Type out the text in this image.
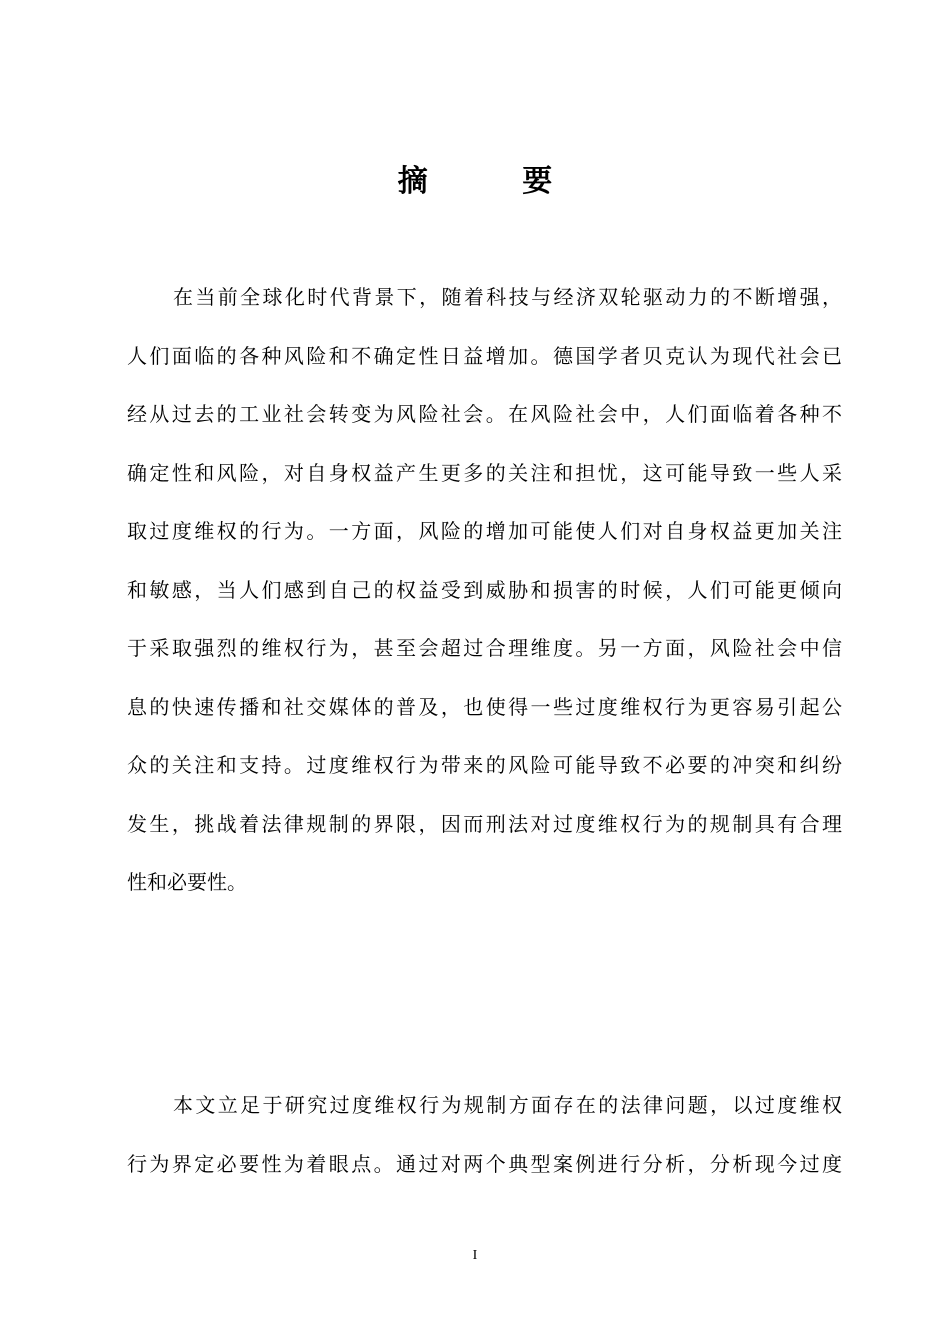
摘 要
在当前全球化时代背景下，随着科技与经济双轮驱动力的不断增强，
人们面临的各种风险和不确定性日益增加。德国学者贝克认为现代社会已
经从过去的工业社会转变为风险社会。在风险社会中，人们面临着各种不
确定性和风险，对自身权益产生更多的关注和担忧，这可能导致一些人采
取过度维权的行为。一方面，风险的增加可能使人们对自身权益更加关注
和敏感，当人们感到自己的权益受到威胁和损害的时候，人们可能更倾向
于采取强烈的维权行为，甚至会超过合理维度。另一方面，风险社会中信
息的快速传播和社交媒体的普及，也使得一些过度维权行为更容易引起公
众的关注和支持。过度维权行为带来的风险可能导致不必要的冲突和纠纷
发生，挑战着法律规制的界限，因而刑法对过度维权行为的规制具有合理
性和必要性。
本文立足于研究过度维权行为规制方面存在的法律问题，以过度维权
行为界定必要性为着眼点。通过对两个典型案例进行分析，分析现今过度
I
